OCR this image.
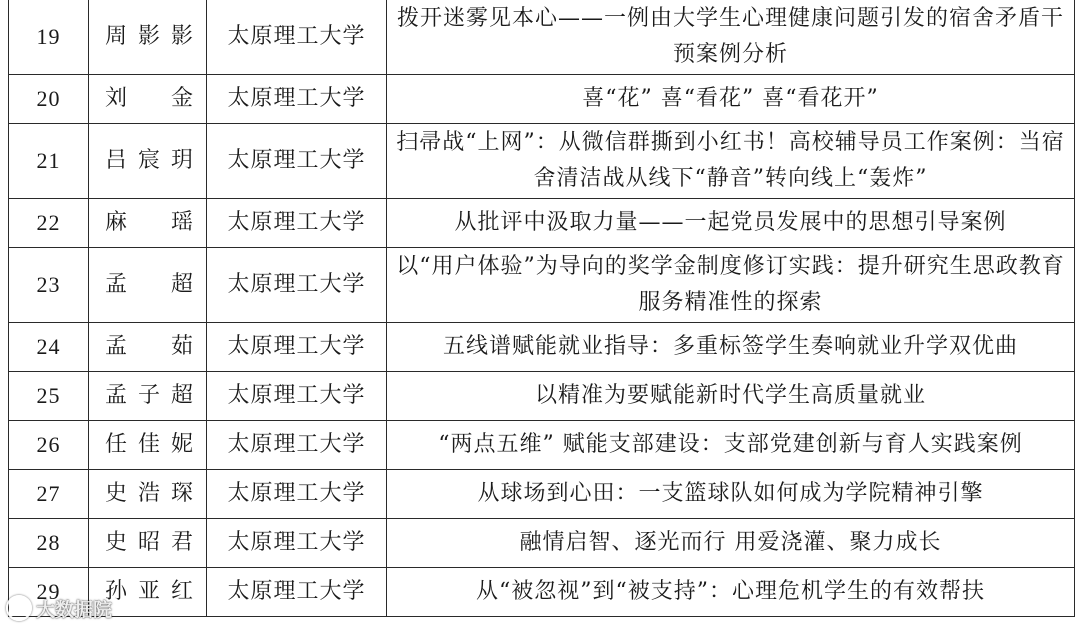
19	周 影 影	太原理工大学	拨开迷雾见本心——一例由大学生心理健康问题引发的宿舍矛盾干预案例分析
20	刘 金	太原理工大学	喜“花” 喜“看花” 喜“看花开”
21	吕 宸 玥	太原理工大学	扫帚战“上网”：从微信群撕到小红书！高校辅导员工作案例：当宿舍清洁战从线下“静音”转向线上“轰炸”
22	麻 瑶	太原理工大学	从批评中汲取力量——一起党员发展中的思想引导案例
23	孟 超	太原理工大学	以“用户体验”为导向的奖学金制度修订实践：提升研究生思政教育服务精准性的探索
24	孟 茹	太原理工大学	五线谱赋能就业指导：多重标签学生奏响就业升学双优曲
25	孟 子 超	太原理工大学	以精准为要赋能新时代学生高质量就业
26	任 佳 妮	太原理工大学	“两点五维” 赋能支部建设：支部党建创新与育人实践案例
27	史 浩 琛	太原理工大学	从球场到心田：一支篮球队如何成为学院精神引擎
28	史 昭 君	太原理工大学	融情启智、逐光而行 用爱浇灌、聚力成长
29	孙 亚 红	太原理工大学	从“被忽视”到“被支持”：心理危机学生的有效帮扶
大数据院
